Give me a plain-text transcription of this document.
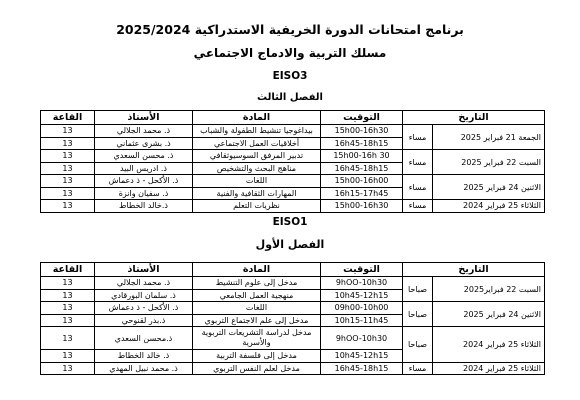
برنامج امتحانات الدورة الخريفية الاستدراكية 2025/2024
مسلك التربية والادماج الاجتماعي
EISO3
الفصل الثالث
التاريخ		التوقيت	المادة	الأستاذ	القاعة
الجمعة 21 فبراير 2025	مساء	15h00-16h30	بيداغوجيا تنشيط الطفولة والشباب	ذ. محمد الجلالي	13
		16h45-18h15	أخلاقيات العمل الاجتماعي	ذ. بشرى عثماني	13
السبت 22 فبراير 2025	مساء	15h00-16h 30	تدبير المرفق السوسيوثقافي	ذ. محسن السعدي	13
		16h45-18h15	مناهج البحث والتشخيص	ذ. ادريس البيد	13
الاثنين 24 فبراير 2025	مساء	15h00-16h00	اللغات	ذ. الأكحل - ذ دعماش	13
		16h15-17h45	المهارات الثقافية والفنية	ذ. سفيان وانزة	13
الثلاثاء 25 فبراير 2024	مساء	15h00-16h30	نظريات التعلم	ذ.خالد الخطاط	13
EISO1
الفصل الأول
التاريخ		التوقيت	المادة	الأستاذ	القاعة
السبت 22 فبراير2025	صباحا	9hOO-10h30	مدخل إلى علوم التنشيط	ذ. محمد الجلالي	13
		10h45-12h15	منهجية العمل الجامعي	ذ. سلمان البورقادي	13
الاثنين 24 فبراير 2025	صباحا	09h00-10h00	اللغات	ذ. الأكحل - ذ دعماش	13
		10h15-11h45	مدخل إلى علم الاجتماع التربوي	ذ.بدر لقنوحي	13
الثلاثاء 25 فبراير 2024	صباحا	9hOO-10h30	مدخل لدراسة التشريعات التربوية والأسرية	ذ.محسن السعدي	13
		10h45-12h15	مدخل إلى فلسفة التربية	ذ. خالد الخطاط	13
الثلاثاء 25 فبراير 2024	مساء	16h45-18h15	مدخل لعلم النفس التربوي	ذ. محمد نبيل المهدي	13
